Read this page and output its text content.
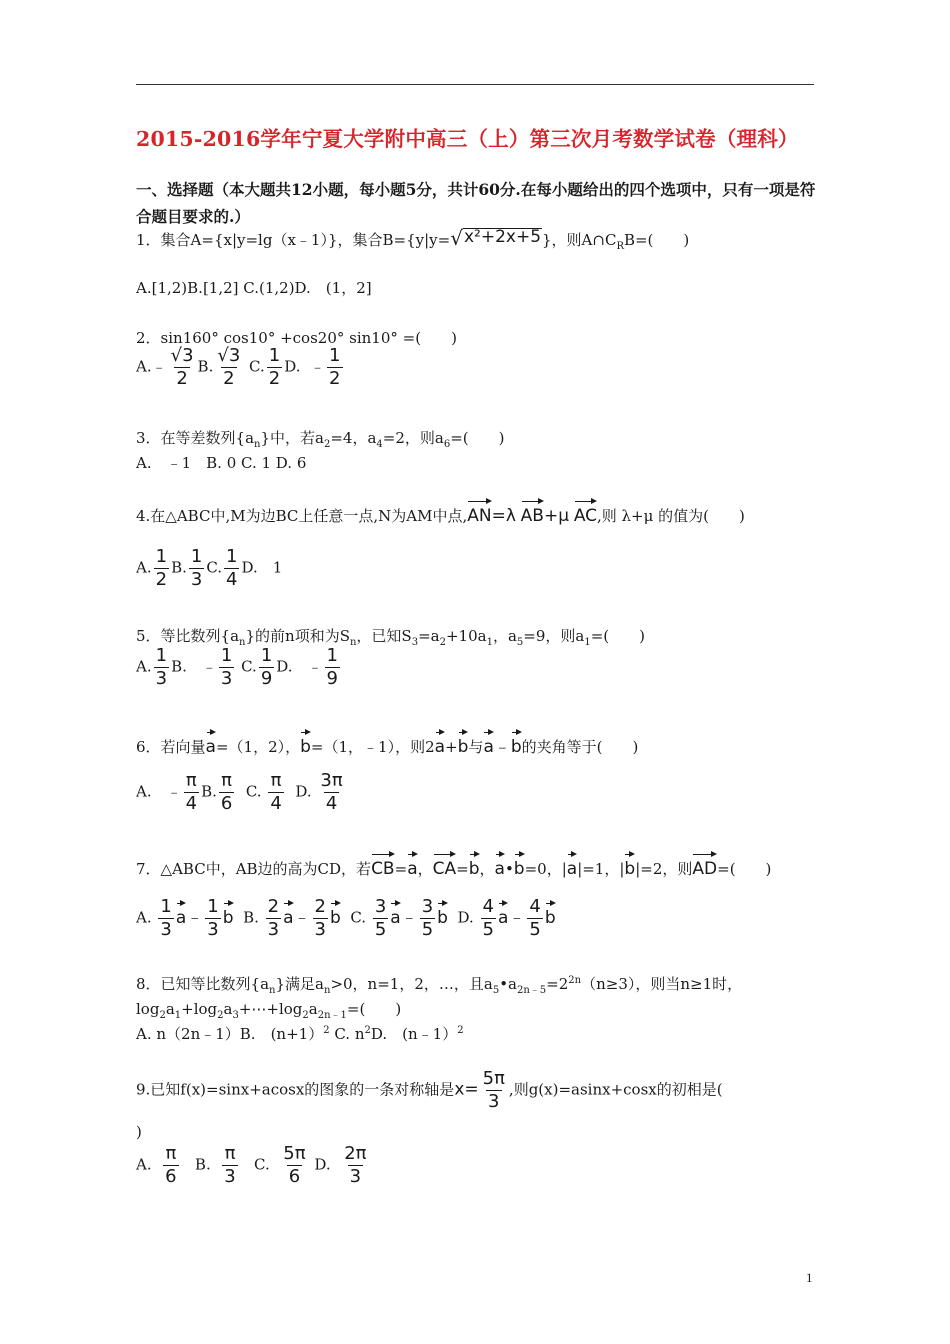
2015-2016学年宁夏大学附中高三（上）第三次月考数学试卷（理科）
一、选择题（本大题共12小题，每小题5分，共计60分.在每小题给出的四个选项中，只有一项是符合题目要求的.）
1．集合A={x|y=lg（x﹣1）}，集合B={y|y= √ x²+2x+5 }，则$A\cap C_RB=$(　　)
A.[1,2)B.[1,2] C.(1,2)D.　(1，2]
2．sin160° cos10° +cos20° sin10° =(　　)
A.﹣ $\frac{√3}{2} B$. $\frac{√3}{2} C$. $\frac{1}{2} D$. ﹣ $\frac{1}{2}$
3．在等差数列$\{a_n\}$中，若$a_2=4$，$a_4=2$，则$a_6=$(　　)
A.　﹣1　B. 0 C. 1 D. 6
4.在△ABC中,M为边BC上任意一点,N为AM中点,AN=λ AB+μ AC,则 λ+μ 的值为(　　)
A. $\frac{1}{2} B$. $\frac{1}{3} C$. $\frac{1}{4} D$.　1
5．等比数列$\{a_n\}$的前n项和为$S_n$，已知$S_3=a_2+10a_1$，$a_5=9$，则$a_1=$(　　)
A. $\frac{1}{3} B$.　﹣ $\frac{1}{3} C$. $\frac{1}{9} D$.　﹣ $\frac{1}{9}$
6．若向量a=（1，2），b=（1，﹣1），则2a+b与a﹣b的夹角等于(　　)
A.　﹣ $\frac{\pi}{4} B$. $\frac{\pi}{6} C$. $\frac{\pi}{4} D$. $\frac{3\pi}{4}$
7．△ABC中，AB边的高为CD，若CB=a，CA=b，a•b=0，|a|=1，|b|=2，则AD=(　　)
A. $\frac{1}{3}$ a﹣ $\frac{1}{3}$ b B. $\frac{2}{3}$ a﹣ $\frac{2}{3}$ b C. $\frac{3}{5}$ a﹣ $\frac{3}{5}$ b D. $\frac{4}{5}$ a﹣ $\frac{4}{5}$ b
8．已知等比数列$\{a_n\}$满足$a_n>0$，n=1，2，…，且$a_5•a_{2n﹣5}=2^{2n}(n\ge 3)$，则当n≥1时，
$\log_2a_1+\log_2a_3+\cdots+\log_2a_{2n﹣1}=$(　　)
A. n（2n﹣1）B.　(n+1）$^2$ C. $n^2D$.　(n﹣1）$^2$
9.已知f(x)=sinx+acosx的图象的一条对称轴是$x= \frac{5\pi}{3}$ ,则g(x)=asinx+cosx的初相是(
)
A. $\frac{\pi}{6} B$. $\frac{\pi}{3} C$. $\frac{5\pi}{6} D$. $\frac{2\pi}{3}$
1
